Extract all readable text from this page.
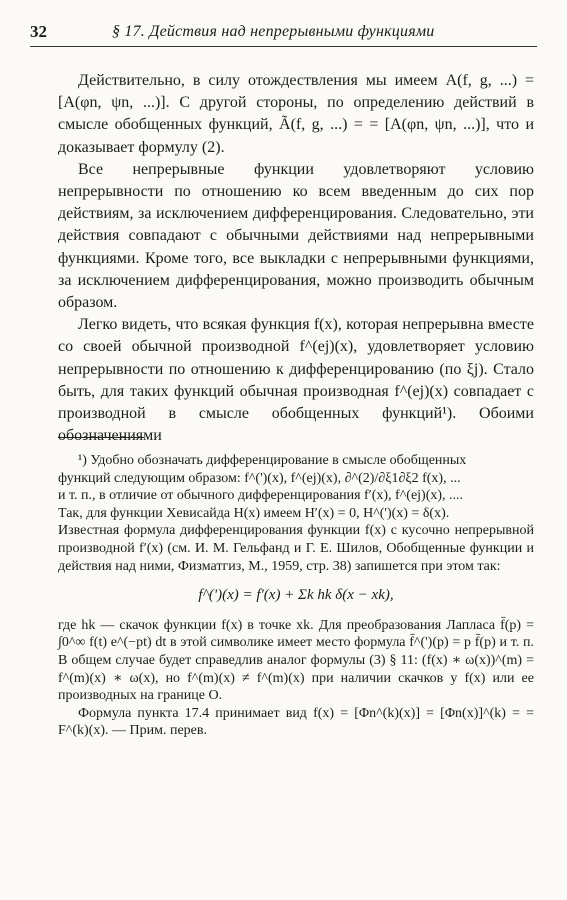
32	§ 17. Действия над непрерывными функциями

Действительно, в силу отождествления мы имеем A(f, g, ...) = [A(φn, ψn, ...)]. С другой стороны, по определению действий в смысле обобщенных функций, Ã(f, g, ...) = = [A(φn, ψn, ...)], что и доказывает формулу (2).

Все непрерывные функции удовлетворяют условию непрерывности по отношению ко всем введенным до сих пор действиям, за исключением дифференцирования. Следовательно, эти действия совпадают с обычными действиями над непрерывными функциями. Кроме того, все выкладки с непрерывными функциями, за исключением дифференцирования, можно производить обычным образом.

Легко видеть, что всякая функция f(x), которая непрерывна вместе со своей обычной производной f^(ej)(x), удовлетворяет условию непрерывности по отношению к дифференцированию (по ξj). Стало быть, для таких функций обычная производная f^(ej)(x) совпадает с производной в смысле обобщенных функций¹). Обоими обозначениями

¹) Удобно обозначать дифференцирование в смысле обобщенных

функций следующим образом: f^(')(x), f^(ej)(x), ∂^(2)/∂ξ1∂ξ2 f(x), ...

и т. п., в отличие от обычного дифференцирования f′(x), f^(ej)(x), ....

Так, для функции Хевисайда H(x) имеем H′(x) = 0, H^(')(x) = δ(x).

Известная формула дифференцирования функции f(x) с кусочно непрерывной производной f′(x) (см. И. М. Гельфанд и Г. Е. Шилов, Обобщенные функции и действия над ними, Физматгиз, М., 1959, стр. 38) запишется при этом так:

f^(')(x) = f′(x) + Σk hk δ(x − xk),

где hk — скачок функции f(x) в точке xk. Для преобразования Лапласа f̄(p) = ∫0^∞ f(t) e^(−pt) dt в этой символике имеет место формула f̄^(')(p) = p f̄(p) и т. п. В общем случае будет справедлив аналог формулы (3) § 11: (f(x) ∗ ω(x))^(m) = f^(m)(x) ∗ ω(x), но f^(m)(x) ≠ f^(m)(x) при наличии скачков у f(x) или ее производных на границе O.

Формула пункта 17.4 принимает вид f(x) = [Φn^(k)(x)] = [Φn(x)]^(k) = = F^(k)(x). — Прим. перев.
